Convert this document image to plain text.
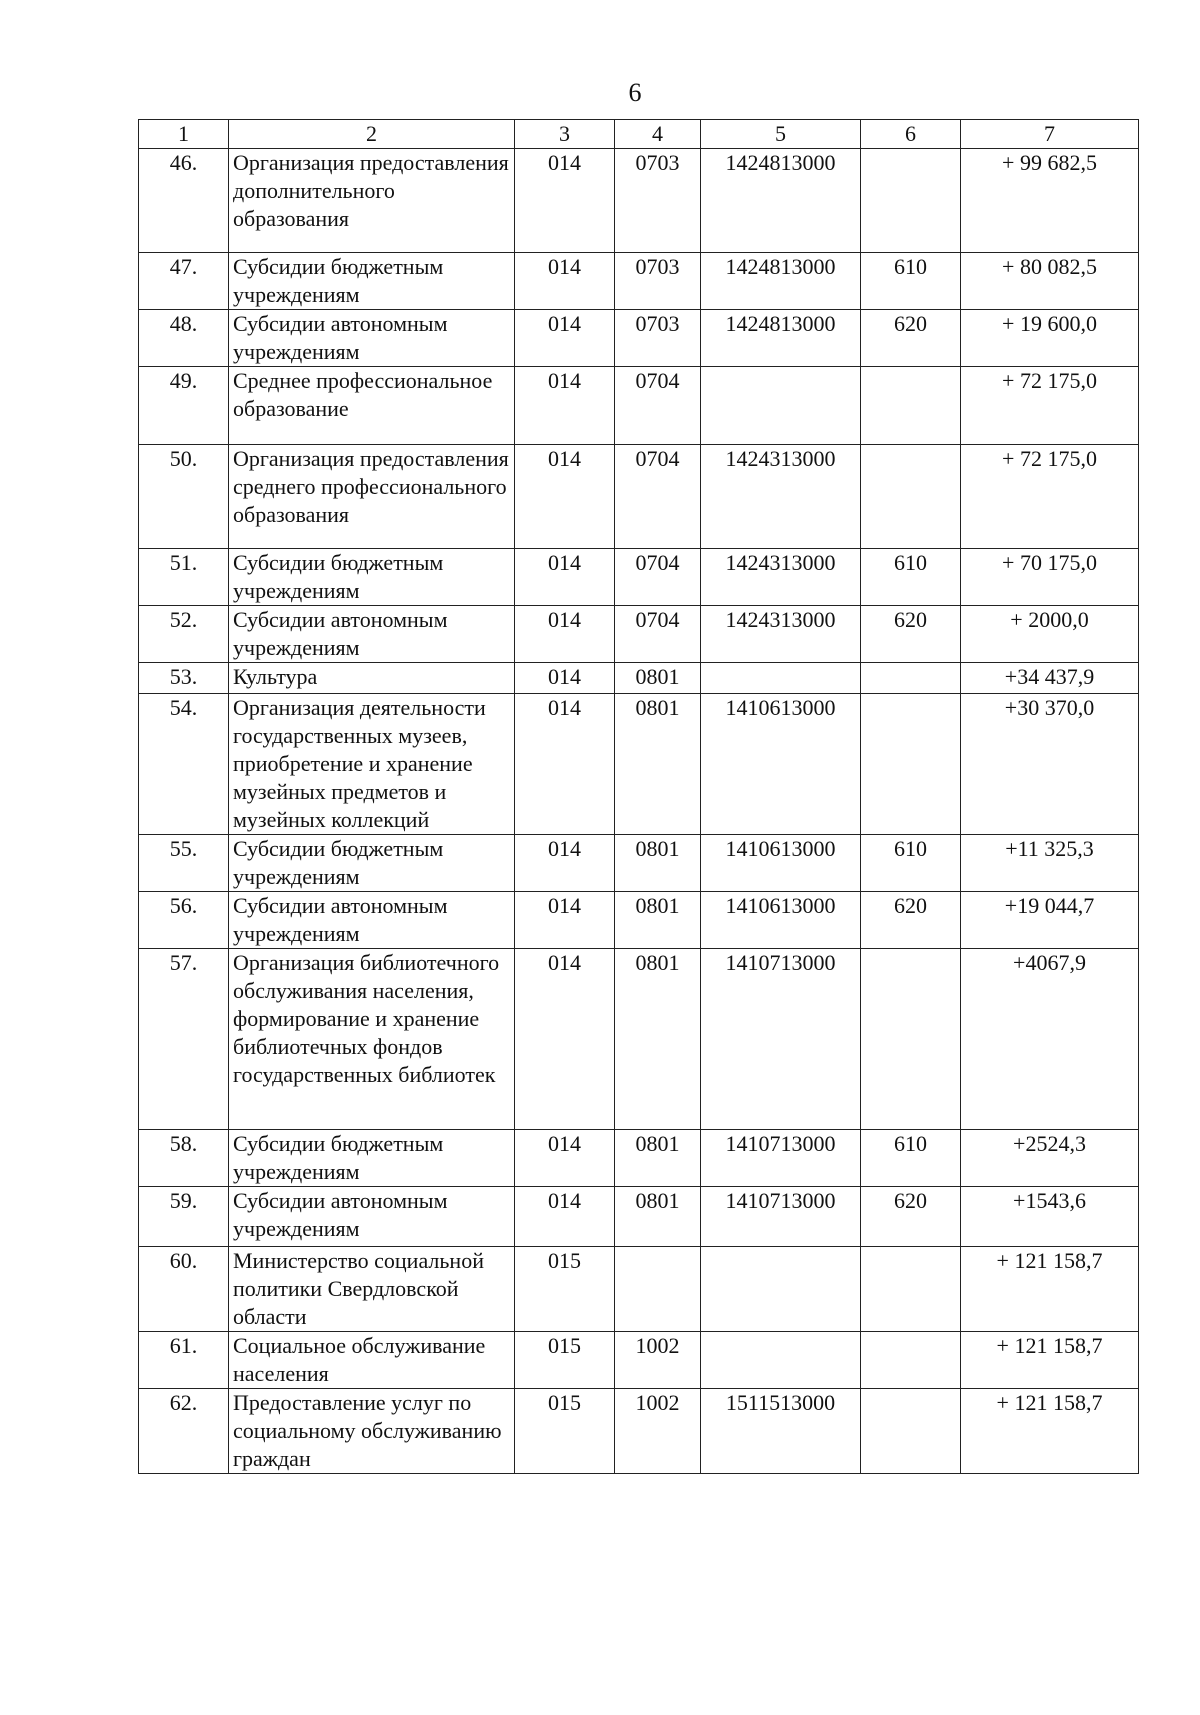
6
1	2	3	4	5	6	7
46.	Организация предоставления дополнительного образования	014	0703	1424813000		+ 99 682,5
47.	Субсидии бюджетным учреждениям	014	0703	1424813000	610	+ 80 082,5
48.	Субсидии автономным учреждениям	014	0703	1424813000	620	+ 19 600,0
49.	Среднее профессиональное образование	014	0704			+ 72 175,0
50.	Организация предоставления среднего профессионального образования	014	0704	1424313000		+ 72 175,0
51.	Субсидии бюджетным учреждениям	014	0704	1424313000	610	+ 70 175,0
52.	Субсидии автономным учреждениям	014	0704	1424313000	620	+ 2000,0
53.	Культура	014	0801			+34 437,9
54.	Организация деятельности государственных музеев, приобретение и хранение музейных предметов и музейных коллекций	014	0801	1410613000		+30 370,0
55.	Субсидии бюджетным учреждениям	014	0801	1410613000	610	+11 325,3
56.	Субсидии автономным учреждениям	014	0801	1410613000	620	+19 044,7
57.	Организация библиотечного обслуживания населения, формирование и хранение библиотечных фондов государственных библиотек	014	0801	1410713000		+4067,9
58.	Субсидии бюджетным учреждениям	014	0801	1410713000	610	+2524,3
59.	Субсидии автономным учреждениям	014	0801	1410713000	620	+1543,6
60.	Министерство социальной политики Свердловской области	015				+ 121 158,7
61.	Социальное обслуживание населения	015	1002			+ 121 158,7
62.	Предоставление услуг по социальному обслуживанию граждан	015	1002	1511513000		+ 121 158,7
